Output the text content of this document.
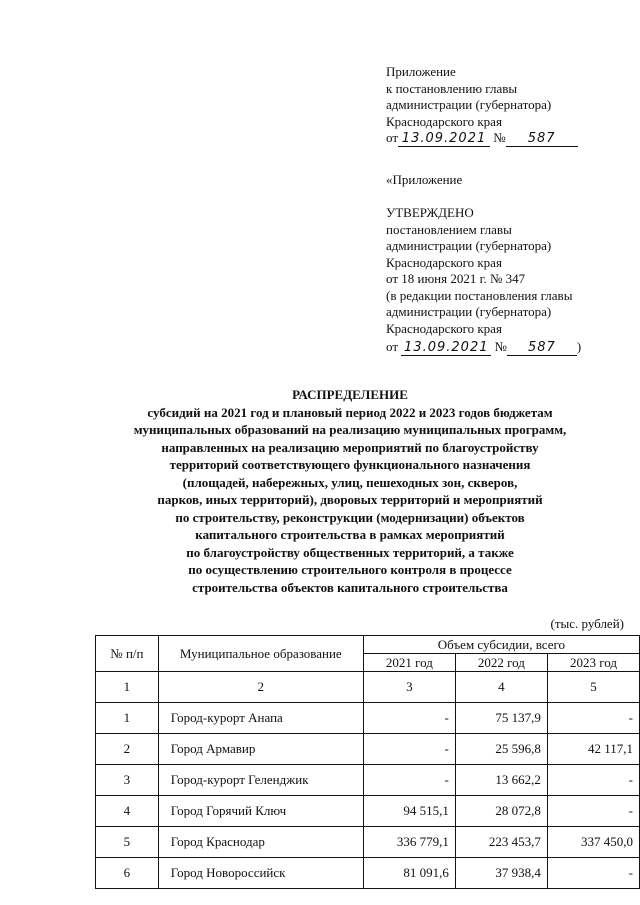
Приложение
к постановлению главы
администрации (губернатора)
Краснодарского края
от 13.09.2021 № 587
«Приложение
УТВЕРЖДЕНО
постановлением главы
администрации (губернатора)
Краснодарского края
от 18 июня 2021 г. № 347
(в редакции постановления главы
администрации (губернатора)
Краснодарского края
от 13.09.2021 № 587 )
РАСПРЕДЕЛЕНИЕ
субсидий на 2021 год и плановый период 2022 и 2023 годов бюджетам
муниципальных образований на реализацию муниципальных программ,
направленных на реализацию мероприятий по благоустройству
территорий соответствующего функционального назначения
(площадей, набережных, улиц, пешеходных зон, скверов,
парков, иных территорий), дворовых территорий и мероприятий
по строительству, реконструкции (модернизации) объектов
капитального строительства в рамках мероприятий
по благоустройству общественных территорий, а также
по осуществлению строительного контроля в процессе
строительства объектов капитального строительства
(тыс. рублей)
№ п/п	Муниципальное образование	Объем субсидии, всего		
		2021 год	2022 год	2023 год
1	2	3	4	5
1	Город-курорт Анапа	-	75 137,9	-
2	Город Армавир	-	25 596,8	42 117,1
3	Город-курорт Геленджик	-	13 662,2	-
4	Город Горячий Ключ	94 515,1	28 072,8	-
5	Город Краснодар	336 779,1	223 453,7	337 450,0
6	Город Новороссийск	81 091,6	37 938,4	-
